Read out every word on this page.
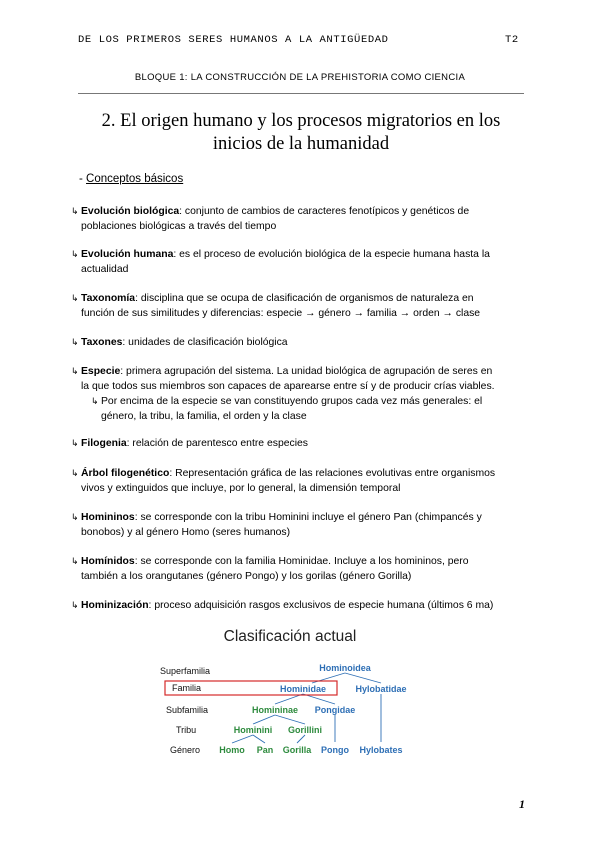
DE LOS PRIMEROS SERES HUMANOS A LA ANTIGÜEDAD	T2
BLOQUE 1: LA CONSTRUCCIÓN DE LA PREHISTORIA COMO CIENCIA
2. El origen humano y los procesos migratorios en los
inicios de la humanidad
- Conceptos básicos
↳ Evolución biológica: conjunto de cambios de caracteres fenotípicos y genéticos de
poblaciones biológicas a través del tiempo
↳ Evolución humana: es el proceso de evolución biológica de la especie humana hasta la
actualidad
↳ Taxonomía: disciplina que se ocupa de clasificación de organismos de naturaleza en
función de sus similitudes y diferencias: especie → género → familia → orden → clase
↳ Taxones: unidades de clasificación biológica
↳ Especie: primera agrupación del sistema. La unidad biológica de agrupación de seres en
la que todos sus miembros son capaces de aparearse entre sí y de producir crías viables.
↳ Por encima de la especie se van constituyendo grupos cada vez más generales: el
género, la tribu, la familia, el orden y la clase
↳ Filogenia: relación de parentesco entre especies
↳ Árbol filogenético: Representación gráfica de las relaciones evolutivas entre organismos
vivos y extinguidos que incluye, por lo general, la dimensión temporal
↳ Homininos: se corresponde con la tribu Hominini incluye el género Pan (chimpancés y
bonobos) y al género Homo (seres humanos)
↳ Homínidos: se corresponde con la familia Hominidae. Incluye a los homininos, pero
también a los orangutanes (género Pongo) y los gorilas (género Gorilla)
↳ Hominización: proceso adquisición rasgos exclusivos de especie humana (últimos 6 ma)
Clasificación actual
Superfamilia
Familia
Subfamilia
Tribu
Género
Hominoidea
Hominidae	Hylobatidae
Homininae Pongidae
Hominini Gorillini
Homo Pan Gorilla Pongo Hylobates
1
